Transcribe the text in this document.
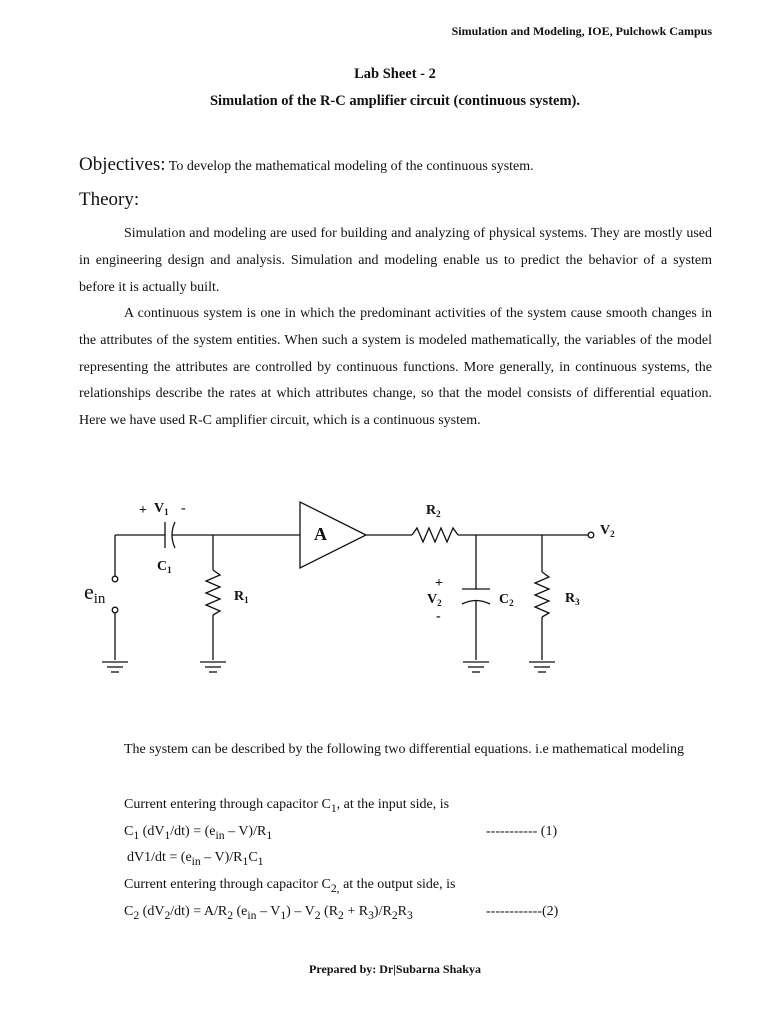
Simulation and Modeling, IOE, Pulchowk Campus
Lab Sheet - 2
Simulation of the R-C amplifier circuit (continuous system).
Objectives: To develop the mathematical modeling of the continuous system.
Theory:
Simulation and modeling are used for building and analyzing of physical systems. They are mostly used in engineering design and analysis. Simulation and modeling enable us to predict the behavior of a system before it is actually built.
A continuous system is one in which the predominant activities of the system cause smooth changes in the attributes of the system entities. When such a system is modeled mathematically, the variables of the model representing the attributes are controlled by continuous functions. More generally, in continuous systems, the relationships describe the rates at which attributes change, so that the model consists of differential equation. Here we have used R-C amplifier circuit, which is a continuous system.
+ $V_1$ -
$C_1$
$R_1$
$R_2$
$V_2$
+
$V_2$
-
$C_2$	$R_3$
A
ein
The system can be described by the following two differential equations. i.e mathematical modeling
Current entering through capacitor $C_1$, at the input side, is
$C_1$ $(dV_1/dt) = (e_{in} - V)/R_1$	----------- (1)
$dV1/dt = (e_{in} - V)/R_1C_1$
Current entering through capacitor $C_{2,}$ at the output side, is
$C_2$ $(dV_2/dt) = A/R_2$ $(e_{in} - V_1) - V_2$ $(R_2 + R_3)/R_2R_3$	------------(2)
Prepared by: Dr|Subarna Shakya
